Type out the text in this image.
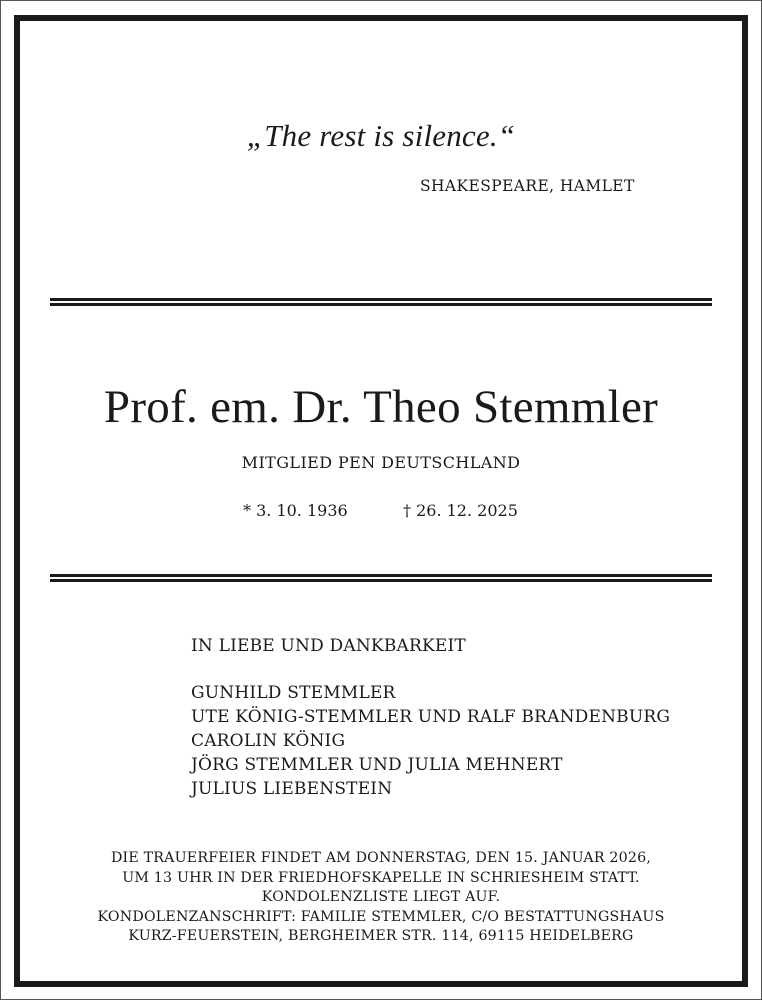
„The rest is silence.“
SHAKESPEARE, HAMLET
Prof. em. Dr. Theo Stemmler
MITGLIED PEN DEUTSCHLAND
* 3. 10. 1936	† 26. 12. 2025
IN LIEBE UND DANKBARKEIT
GUNHILD STEMMLER
UTE KÖNIG-STEMMLER UND RALF BRANDENBURG
CAROLIN KÖNIG
JÖRG STEMMLER UND JULIA MEHNERT
JULIUS LIEBENSTEIN
DIE TRAUERFEIER FINDET AM DONNERSTAG, DEN 15. JANUAR 2026,
UM 13 UHR IN DER FRIEDHOFSKAPELLE IN SCHRIESHEIM STATT.
KONDOLENZLISTE LIEGT AUF.
KONDOLENZANSCHRIFT: FAMILIE STEMMLER, C/O BESTATTUNGSHAUS
KURZ-FEUERSTEIN, BERGHEIMER STR. 114, 69115 HEIDELBERG
